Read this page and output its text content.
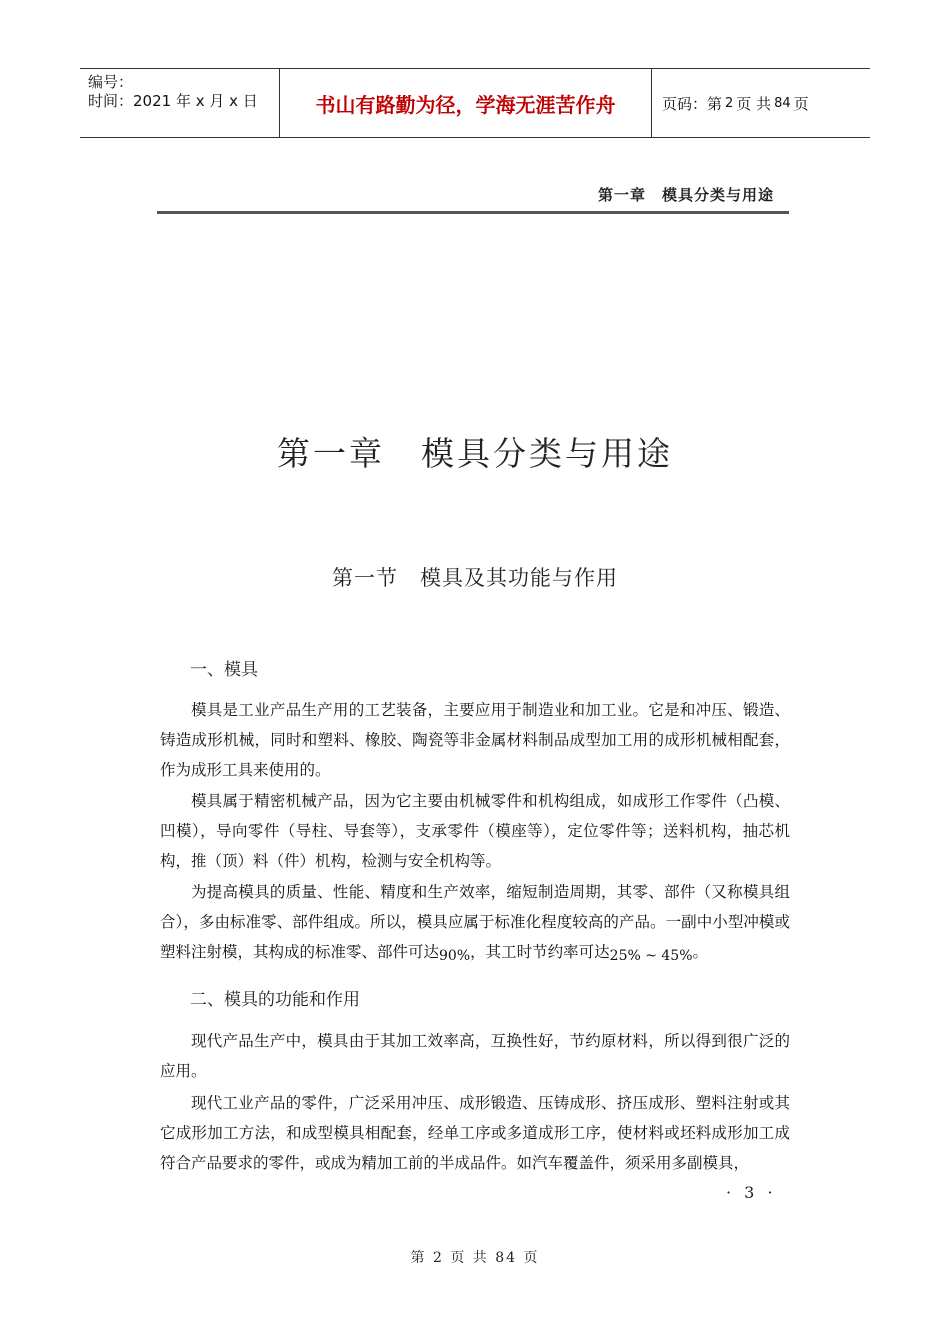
编号：
时间：2021 年 x 月 x 日	书山有路勤为径，学海无涯苦作舟	页码：第 2 页 共 84 页
第一章　模具分类与用途
第一章　模具分类与用途
第一节　模具及其功能与作用
一、模具

模具是工业产品生产用的工艺装备，主要应用于制造业和加工业。它是和冲压、锻造、铸造成形机械，同时和塑料、橡胶、陶瓷等非金属材料制品成型加工用的成形机械相配套，作为成形工具来使用的。

模具属于精密机械产品，因为它主要由机械零件和机构组成，如成形工作零件（凸模、凹模），导向零件（导柱、导套等），支承零件（模座等），定位零件等；送料机构，抽芯机构，推（顶）料（件）机构，检测与安全机构等。

为提高模具的质量、性能、精度和生产效率，缩短制造周期，其零、部件（又称模具组合），多由标准零、部件组成。所以，模具应属于标准化程度较高的产品。一副中小型冲模或塑料注射模，其构成的标准零、部件可达90%，其工时节约率可达25% ~ 45%。

二、模具的功能和作用

现代产品生产中，模具由于其加工效率高，互换性好，节约原材料，所以得到很广泛的应用。

现代工业产品的零件，广泛采用冲压、成形锻造、压铸成形、挤压成形、塑料注射或其它成形加工方法，和成型模具相配套，经单工序或多道成形工序，使材料或坯料成形加工成符合产品要求的零件，或成为精加工前的半成品件。如汽车覆盖件，须采用多副模具，

· 3 ·
第 2 页 共 84 页
